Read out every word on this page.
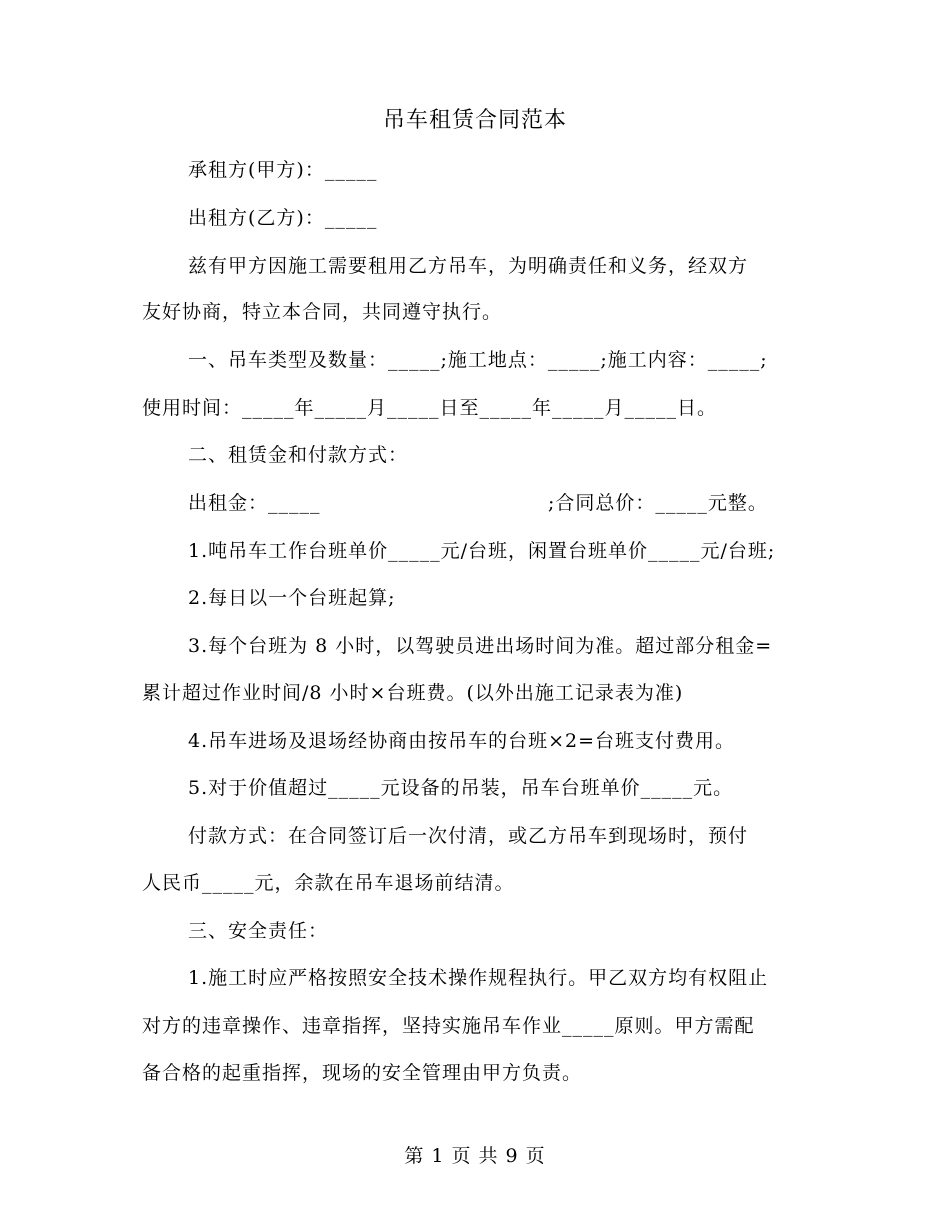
吊车租赁合同范本
承租方(甲方)：_____
出租方(乙方)：_____
兹有甲方因施工需要租用乙方吊车，为明确责任和义务，经双方
友好协商，特立本合同，共同遵守执行。
一、吊车类型及数量：_____;施工地点：_____;施工内容：_____;
使用时间：_____年_____月_____日至_____年_____月_____日。
二、租赁金和付款方式：
出租金：_____	;合同总价：_____元整。
1.吨吊车工作台班单价_____元/台班，闲置台班单价_____元/台班;
2.每日以一个台班起算;
3.每个台班为 8 小时，以驾驶员进出场时间为准。超过部分租金=
累计超过作业时间/8 小时×台班费。(以外出施工记录表为准)
4.吊车进场及退场经协商由按吊车的台班×2=台班支付费用。
5.对于价值超过_____元设备的吊装，吊车台班单价_____元。
付款方式：在合同签订后一次付清，或乙方吊车到现场时，预付
人民币_____元，余款在吊车退场前结清。
三、安全责任：
1.施工时应严格按照安全技术操作规程执行。甲乙双方均有权阻止
对方的违章操作、违章指挥，坚持实施吊车作业_____原则。甲方需配
备合格的起重指挥，现场的安全管理由甲方负责。
第 1 页 共 9 页
